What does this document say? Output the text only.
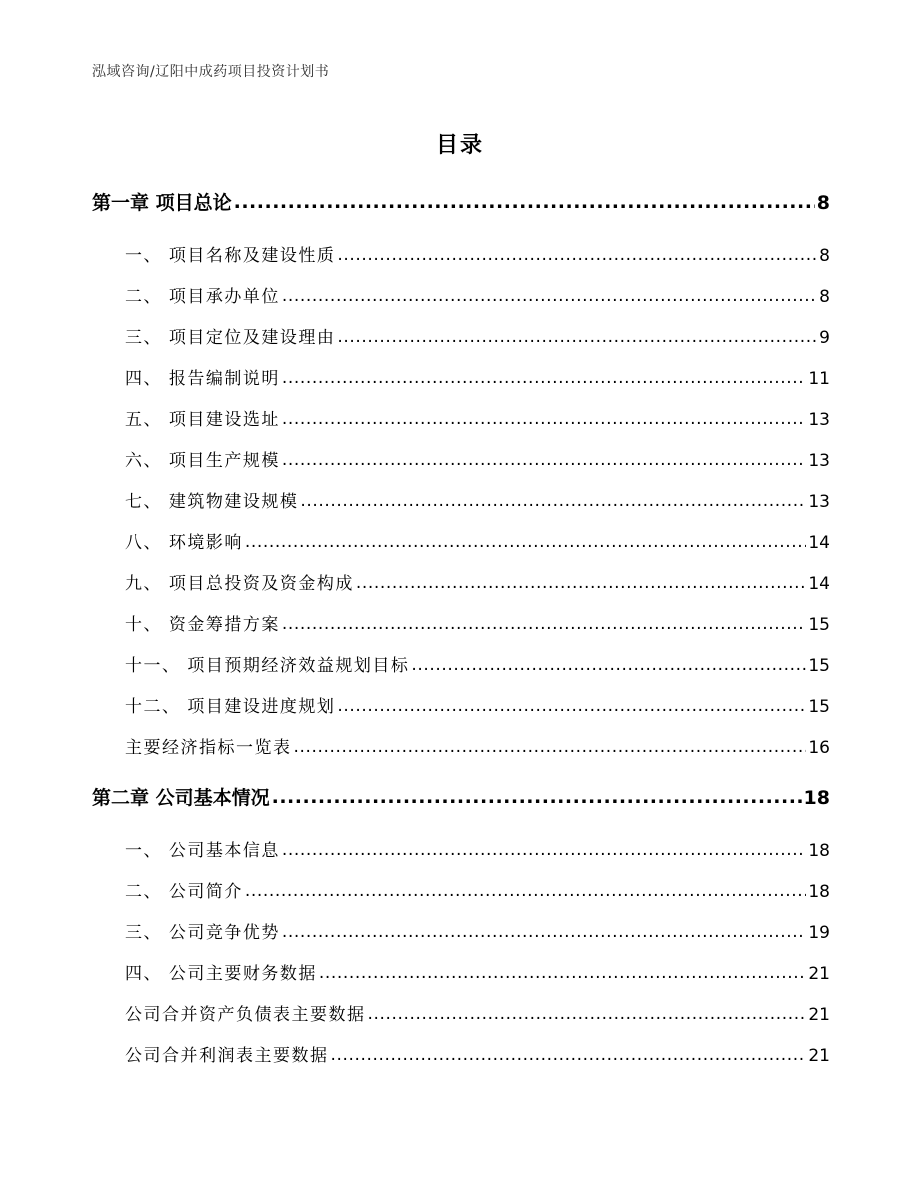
泓域咨询/辽阳中成药项目投资计划书
目录
第一章 项目总论 .....	8
一、 项目名称及建设性质 .....	8
二、 项目承办单位 .....	8
三、 项目定位及建设理由 .....	9
四、 报告编制说明 .....	11
五、 项目建设选址 .....	13
六、 项目生产规模 .....	13
七、 建筑物建设规模 .....	13
八、 环境影响 .....	14
九、 项目总投资及资金构成 .....	14
十、 资金筹措方案 .....	15
十一、 项目预期经济效益规划目标 .....	15
十二、 项目建设进度规划 .....	15
主要经济指标一览表 .....	16
第二章 公司基本情况 .....	18
一、 公司基本信息 .....	18
二、 公司简介 .....	18
三、 公司竞争优势 .....	19
四、 公司主要财务数据 .....	21
公司合并资产负债表主要数据 .....	21
公司合并利润表主要数据 .....	21
